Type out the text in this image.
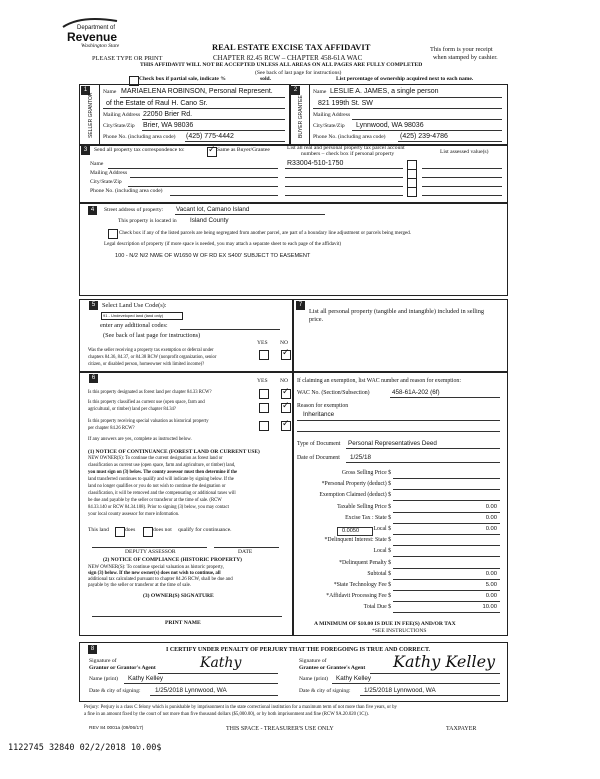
Department of
Revenue
Washington State
PLEASE TYPE OR PRINT
REAL ESTATE EXCISE TAX AFFIDAVIT
CHAPTER 82.45 RCW – CHAPTER 458-61A WAC
THIS AFFIDAVIT WILL NOT BE ACCEPTED UNLESS ALL AREAS ON ALL PAGES ARE FULLY COMPLETED
(See back of last page for instructions)
This form is your receipt
when stamped by cashier.
Check box if partial sale, indicate %	sold.	List percentage of ownership acquired next to each name.
1
SELLER GRANTOR
Name MARIAELENA ROBINSON, Personal Represent.
of the Estate of Raul H. Cano Sr.
Mailing Address 22050 Brier Rd.
City/State/Zip Brier, WA 98036
Phone No. (including area code) (425) 775-4442
2
BUYER GRANTEE
Name LESLIE A. JAMES, a single person
821 199th St. SW
Mailing Address
City/State/Zip Lynnwood, WA 98036
Phone No. (including area code) (425) 239-4786
3	Send all property tax correspondence to:
✓	Same as Buyer/Grantee
Name
Mailing Address
City/State/Zip
Phone No. (including area code)
List all real and personal property tax parcel account
numbers – check box if personal property	List assessed value(s)
R33004-510-1750
4	Street address of property: Vacant lot, Camano Island
This property is located in Island County
Check box if any of the listed parcels are being segregated from another parcel, are part of a boundary line adjustment or parcels being merged.
Legal description of property (if more space is needed, you may attach a separate sheet to each page of the affidavit)
100 - N/2 N/2 NWE OF W1650 W OF RD EX S400' SUBJECT TO EASEMENT
5	Select Land Use Code(s):
91 - Undeveloped land (land only)
enter any additional codes:
(See back of last page for instructions)
YES NO
Was the seller receiving a property tax exemption or deferral under
chapters 84.36, 84.37, or 84.38 RCW (nonprofit organization, senior
citizen, or disabled person, homeowner with limited income)?
✓
7
List all personal property (tangible and intangible) included in selling
price.
6	YES NO
Is this property designated as forest land per chapter 84.33 RCW?
✓
Is this property classified as current use (open space, farm and
agricultural, or timber) land per chapter 84.34?
✓
Is this property receiving special valuation as historical property
per chapter 84.26 RCW?
✓
If any answers are yes, complete as instructed below.
(1) NOTICE OF CONTINUANCE (FOREST LAND OR CURRENT USE)
NEW OWNER(S): To continue the current designation as forest land or
classification as current use (open space, farm and agriculture, or timber) land,
you must sign on (3) below. The county assessor must then determine if the
land transferred continues to qualify and will indicate by signing below. If the
land no longer qualifies or you do not wish to continue the designation or
classification, it will be removed and the compensating or additional taxes will
be due and payable by the seller or transferor at the time of sale. (RCW
84.33.140 or RCW 84.34.108). Prior to signing (3) below, you may contact
your local county assessor for more information.
This land	does	does not qualify for continuance.
DEPUTY ASSESSOR	DATE
(2) NOTICE OF COMPLIANCE (HISTORIC PROPERTY)
NEW OWNER(S): To continue special valuation as historic property,
sign (3) below. If the new owner(s) does not wish to continue, all
additional tax calculated pursuant to chapter 84.26 RCW, shall be due and
payable by the seller or transferor at the time of sale.
(3) OWNER(S) SIGNATURE
PRINT NAME
If claiming an exemption, list WAC number and reason for exemption:
WAC No. (Section/Subsection)	458-61A-202 (6f)
Reason for exemption
Inheritance
Type of Document Personal Representatives Deed
Date of Document 1/25/18
Gross Selling Price $
*Personal Property (deduct) $
Exemption Claimed (deduct) $
Taxable Selling Price $	0.00
Excise Tax : State $	0.00
Local $	0.00
*Delinquent Interest: State $
Local $
*Delinquent Penalty $
Subtotal $	0.00
*State Technology Fee $	5.00
*Affidavit Processing Fee $	0.00
Total Due $	10.00
0.0050
A MINIMUM OF $10.00 IS DUE IN FEE(S) AND/OR TAX
*SEE INSTRUCTIONS
8	I CERTIFY UNDER PENALTY OF PERJURY THAT THE FOREGOING IS TRUE AND CORRECT.
Signature of
Grantor or Grantor's Agent	Kathy
Name (print) Kathy Kelley
Date & city of signing: 1/25/2018 Lynnwood, WA
Signature of
Grantee or Grantee's Agent Kathy Kelley
Name (print) Kathy Kelley
Date & city of signing: 1/25/2018 Lynnwood, WA
Perjury: Perjury is a class C felony which is punishable by imprisonment in the state correctional institution for a maximum term of not more than five years, or by
a fine in an amount fixed by the court of not more than five thousand dollars ($5,000.00), or by both imprisonment and fine (RCW 9A.20.020 (1C)).
REV 84 0001a (09/06/17)	THIS SPACE - TREASURER'S USE ONLY	TAXPAYER
1122745 32840 02/2/2018 10.00$
